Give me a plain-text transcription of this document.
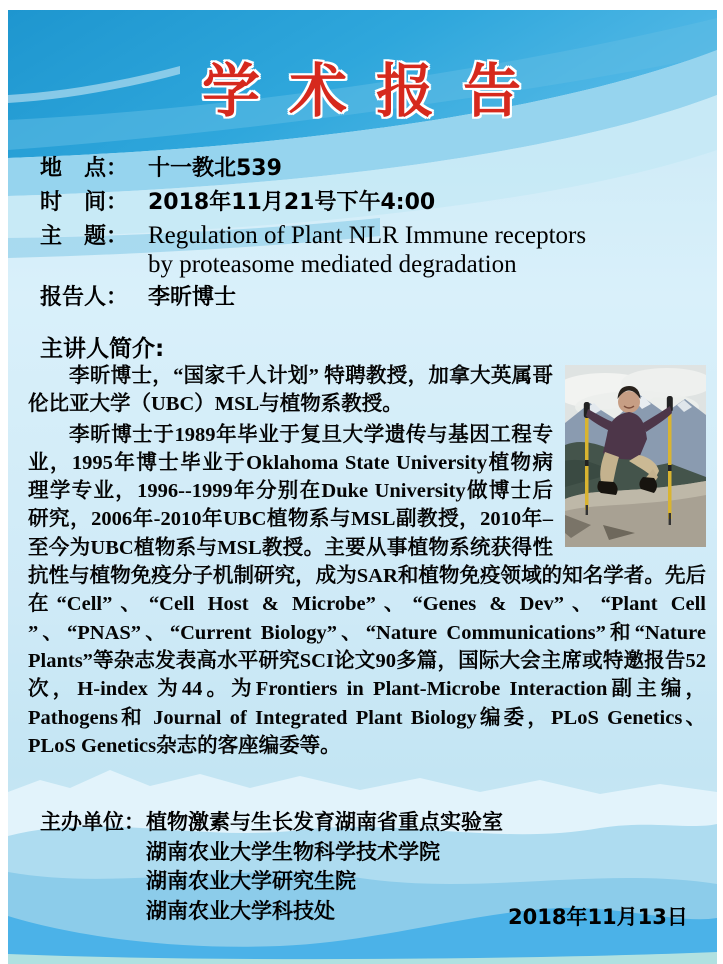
学术报告
地　点： 十一教北539
时　间： 2018年11月21号下午4:00
主　题： Regulation of Plant NLR Immune receptors
by proteasome mediated degradation
报告人： 李昕博士
主讲人简介:

李昕博士，“国家千人计划” 特聘教授，加拿大英属哥伦比亚大学（UBC）MSL与植物系教授。

李昕博士于1989年毕业于复旦大学遗传与基因工程专业，1995年博士毕业于Oklahoma State University植物病理学专业，1996--1999年分别在Duke University做博士后研究，2006年-2010年UBC植物系与MSL副教授，2010年–至今为UBC植物系与MSL教授。主要从事植物系统获得性抗性与植物免疫分子机制研究，成为SAR和植物免疫领域的知名学者。先后在“Cell”、“Cell Host & Microbe”、“Genes & Dev”、“Plant Cell ”、“PNAS”、“Current Biology”、“Nature Communications”和“Nature Plants”等杂志发表高水平研究SCI论文90多篇，国际大会主席或特邀报告52次，H-index 为44。为Frontiers in Plant-Microbe Interaction副主编，Pathogens和 Journal of Integrated Plant Biology编委，PLoS Genetics、PLoS Genetics杂志的客座编委等。

主办单位： 植物激素与生长发育湖南省重点实验室
湖南农业大学生物科学技术学院
湖南农业大学研究生院
湖南农业大学科技处	2018年11月13日
